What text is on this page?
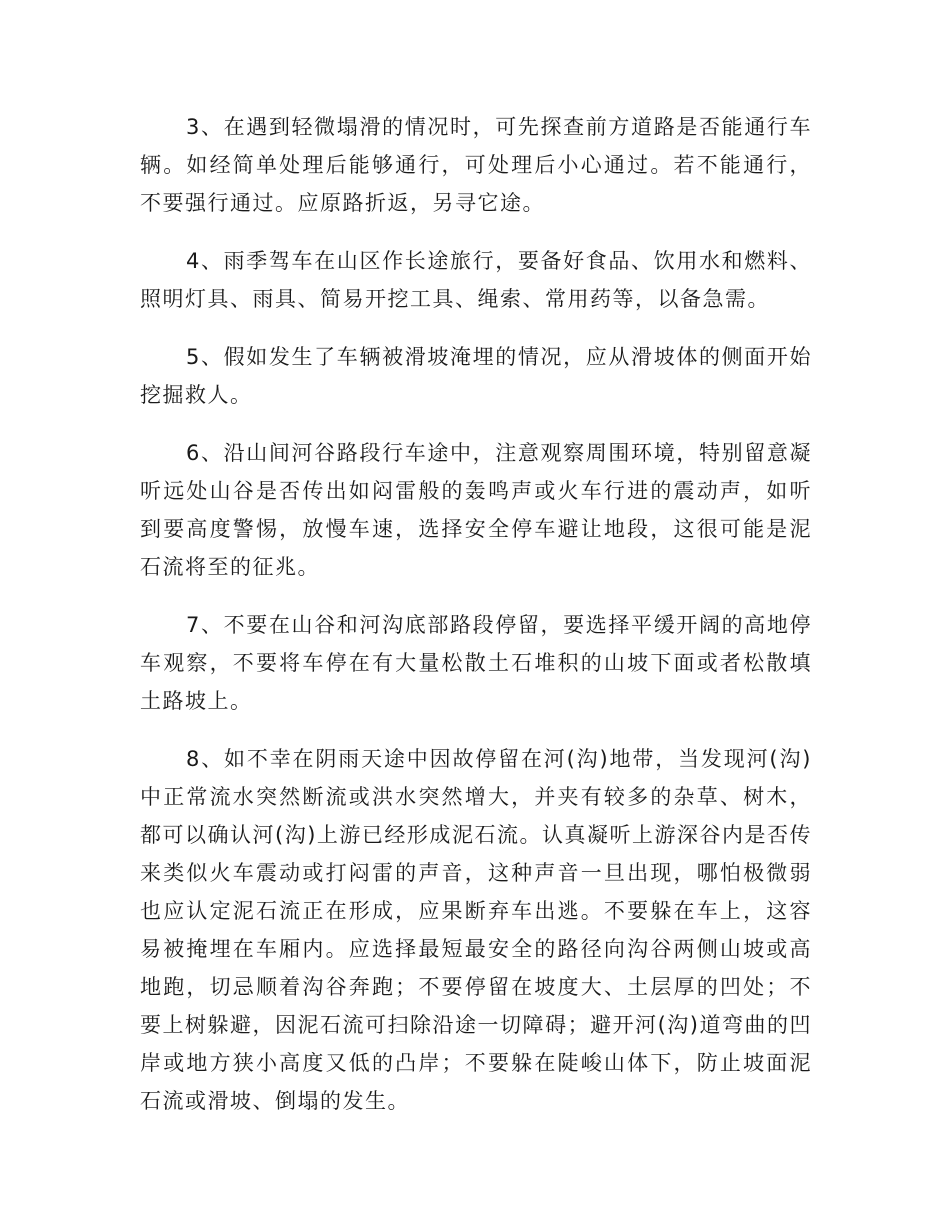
3、在遇到轻微塌滑的情况时，可先探查前方道路是否能通行车辆。如经简单处理后能够通行，可处理后小心通过。若不能通行，不要强行通过。应原路折返，另寻它途。

4、雨季驾车在山区作长途旅行，要备好食品、饮用水和燃料、照明灯具、雨具、简易开挖工具、绳索、常用药等，以备急需。

5、假如发生了车辆被滑坡淹埋的情况，应从滑坡体的侧面开始挖掘救人。

6、沿山间河谷路段行车途中，注意观察周围环境，特别留意凝听远处山谷是否传出如闷雷般的轰鸣声或火车行进的震动声，如听到要高度警惕，放慢车速，选择安全停车避让地段，这很可能是泥石流将至的征兆。

7、不要在山谷和河沟底部路段停留，要选择平缓开阔的高地停车观察，不要将车停在有大量松散土石堆积的山坡下面或者松散填土路坡上。

8、如不幸在阴雨天途中因故停留在河(沟)地带，当发现河(沟)中正常流水突然断流或洪水突然增大，并夹有较多的杂草、树木，都可以确认河(沟)上游已经形成泥石流。认真凝听上游深谷内是否传来类似火车震动或打闷雷的声音，这种声音一旦出现，哪怕极微弱也应认定泥石流正在形成，应果断弃车出逃。不要躲在车上，这容易被掩埋在车厢内。应选择最短最安全的路径向沟谷两侧山坡或高地跑，切忌顺着沟谷奔跑；不要停留在坡度大、土层厚的凹处；不要上树躲避，因泥石流可扫除沿途一切障碍；避开河(沟)道弯曲的凹岸或地方狭小高度又低的凸岸；不要躲在陡峻山体下，防止坡面泥石流或滑坡、倒塌的发生。
